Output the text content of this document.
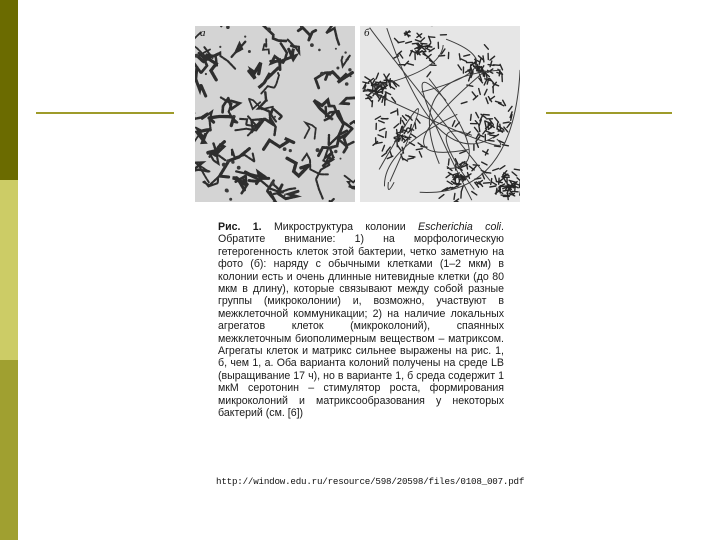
а	б
Рис. 1. Микроструктура колонии Escherichia coli. Обратите внимание: 1) на морфологическую гетерогенность клеток этой бактерии, четко заметную на фото (б): наряду с обычными клетками (1–2 мкм) в колонии есть и очень длинные нитевидные клетки (до 80 мкм в длину), которые связывают между собой разные группы (микроколонии) и, возможно, участвуют в межклеточной коммуникации; 2) на наличие локальных агрегатов клеток (микроколоний), спаянных межклеточным биополимерным веществом – матриксом. Агрегаты клеток и матрикс сильнее выражены на рис. 1, б, чем 1, а. Оба варианта колоний получены на среде LB (выращивание 17 ч), но в варианте 1, б среда содержит 1 мкМ серотонин – стимулятор роста, формирования микроколоний и матриксообразования у некоторых бактерий (см. [6])
http://window.edu.ru/resource/598/20598/files/0108_007.pdf
